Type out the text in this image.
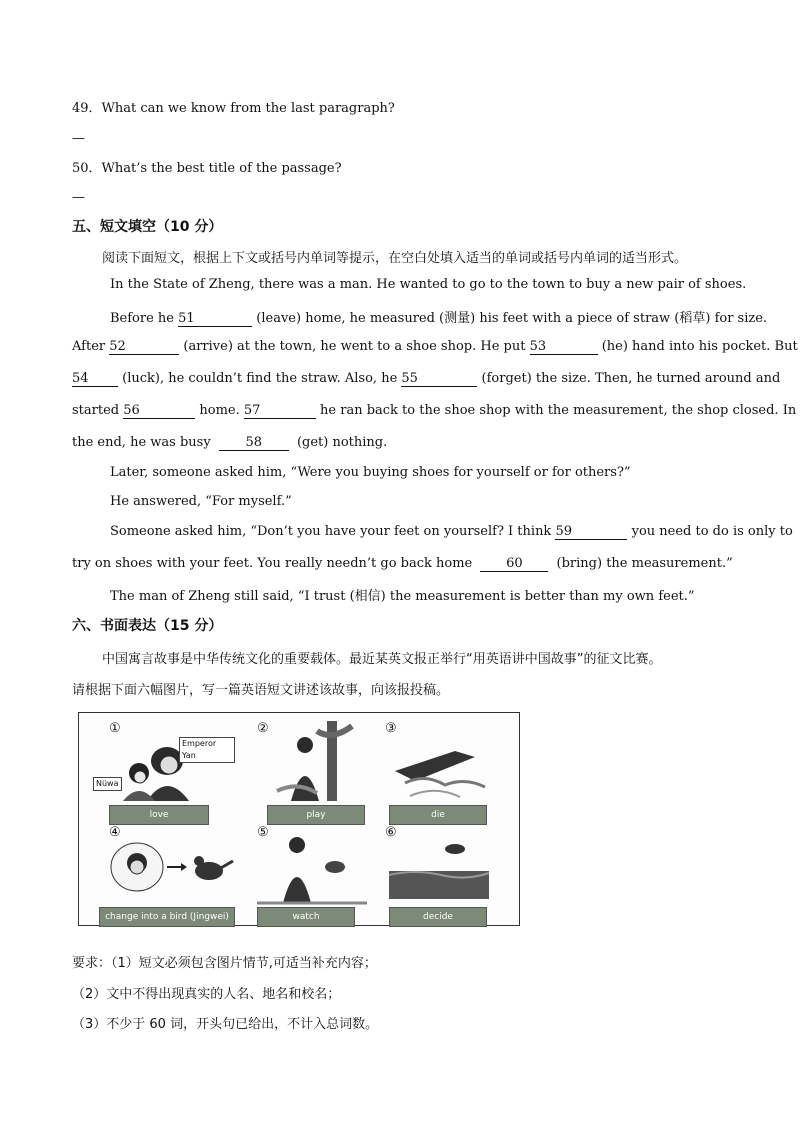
49．What can we know from the last paragraph?
—
50．What’s the best title of the passage?
—
五、短文填空（10 分）
阅读下面短文，根据上下文或括号内单词等提示，在空白处填入适当的单词或括号内单词的适当形式。
In the State of Zheng, there was a man. He wanted to go to the town to buy a new pair of shoes.
Before he 51	(leave) home, he measured (测量) his feet with a piece of straw (稻草) for size.
After 52	(arrive) at the town, he went to a shoe shop. He put 53	(he) hand into his pocket. But
54	(luck), he couldn’t find the straw. Also, he 55	(forget) the size. Then, he turned around and
started 56	home. 57	he ran back to the shoe shop with the measurement, the shop closed. In
the end, he was busy	58	(get) nothing.
Later, someone asked him, “Were you buying shoes for yourself or for others?”
He answered, “For myself.”
Someone asked him, “Don’t you have your feet on yourself? I think 59	you need to do is only to
try on shoes with your feet. You really needn’t go back home	60	(bring) the measurement.”
The man of Zheng still said, “I trust (相信) the measurement is better than my own feet.”
六、书面表达（15 分）
中国寓言故事是中华传统文化的重要载体。最近某英文报正举行“用英语讲中国故事”的征文比赛。
请根据下面六幅图片，写一篇英语短文讲述该故事，向该报投稿。
①
Emperor Yan
Nüwa
love
②
play
③
die
④
change into a bird (Jingwei)
⑤
watch
⑥
decide
要求：（1）短文必须包含图片情节,可适当补充内容；
（2）文中不得出现真实的人名、地名和校名；
（3）不少于 60 词，开头句已给出，不计入总词数。
